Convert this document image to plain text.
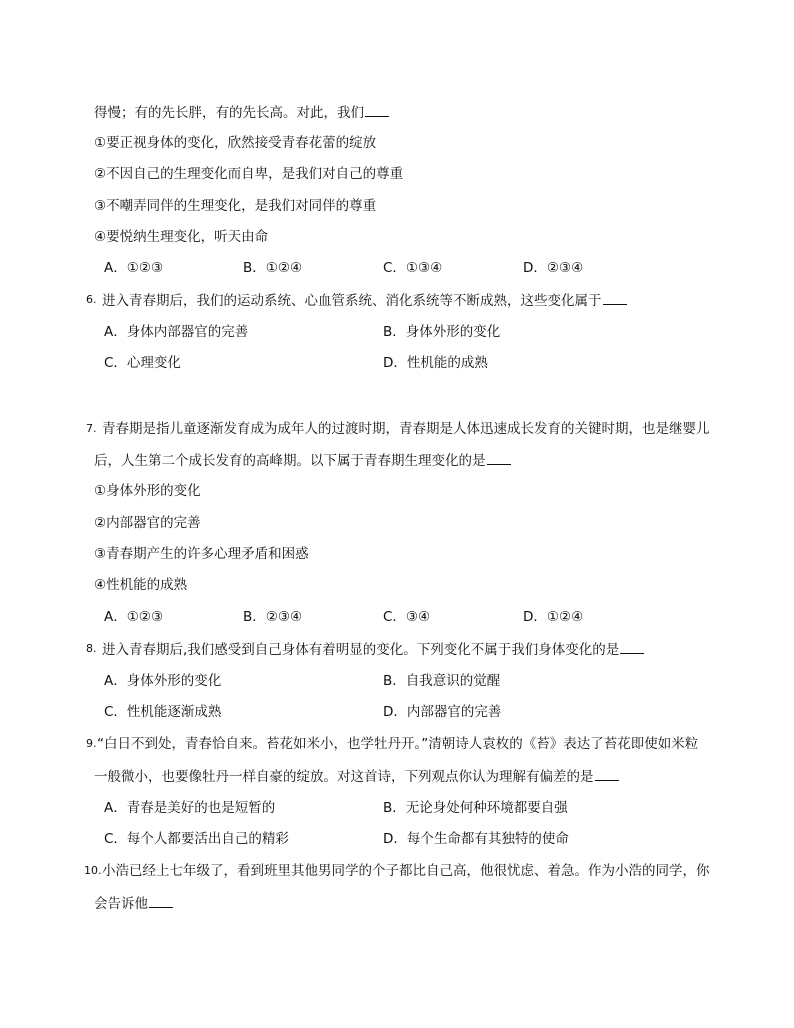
得慢；有的先长胖，有的先长高。对此，我们
①要正视身体的变化，欣然接受青春花蕾的绽放
②不因自己的生理变化而自卑，是我们对自己的尊重
③不嘲弄同伴的生理变化，是我们对同伴的尊重
④要悦纳生理变化，听天由命
A．①②③	B．①②④	C．①③④	D．②③④
6. 进入青春期后，我们的运动系统、心血管系统、消化系统等不断成熟，这些变化属于
A．身体内部器官的完善	B．身体外形的变化
C．心理变化	D．性机能的成熟
7. 青春期是指儿童逐渐发育成为成年人的过渡时期，青春期是人体迅速成长发育的关键时期，也是继婴儿
后，人生第二个成长发育的高峰期。以下属于青春期生理变化的是
①身体外形的变化
②内部器官的完善
③青春期产生的许多心理矛盾和困惑
④性机能的成熟
A．①②③	B．②③④	C．③④	D．①②④
8. 进入青春期后,我们感受到自己身体有着明显的变化。下列变化不属于我们身体变化的是
A．身体外形的变化	B．自我意识的觉醒
C．性机能逐渐成熟	D．内部器官的完善
9. “白日不到处，青春恰自来。苔花如米小，也学牡丹开。”清朝诗人袁枚的《苔》表达了苔花即使如米粒
一般微小，也要像牡丹一样自豪的绽放。对这首诗，下列观点你认为理解有偏差的是
A．青春是美好的也是短暂的	B．无论身处何种环境都要自强
C．每个人都要活出自己的精彩	D．每个生命都有其独特的使命
10. 小浩已经上七年级了，看到班里其他男同学的个子都比自己高，他很忧虑、着急。作为小浩的同学，你
会告诉他
